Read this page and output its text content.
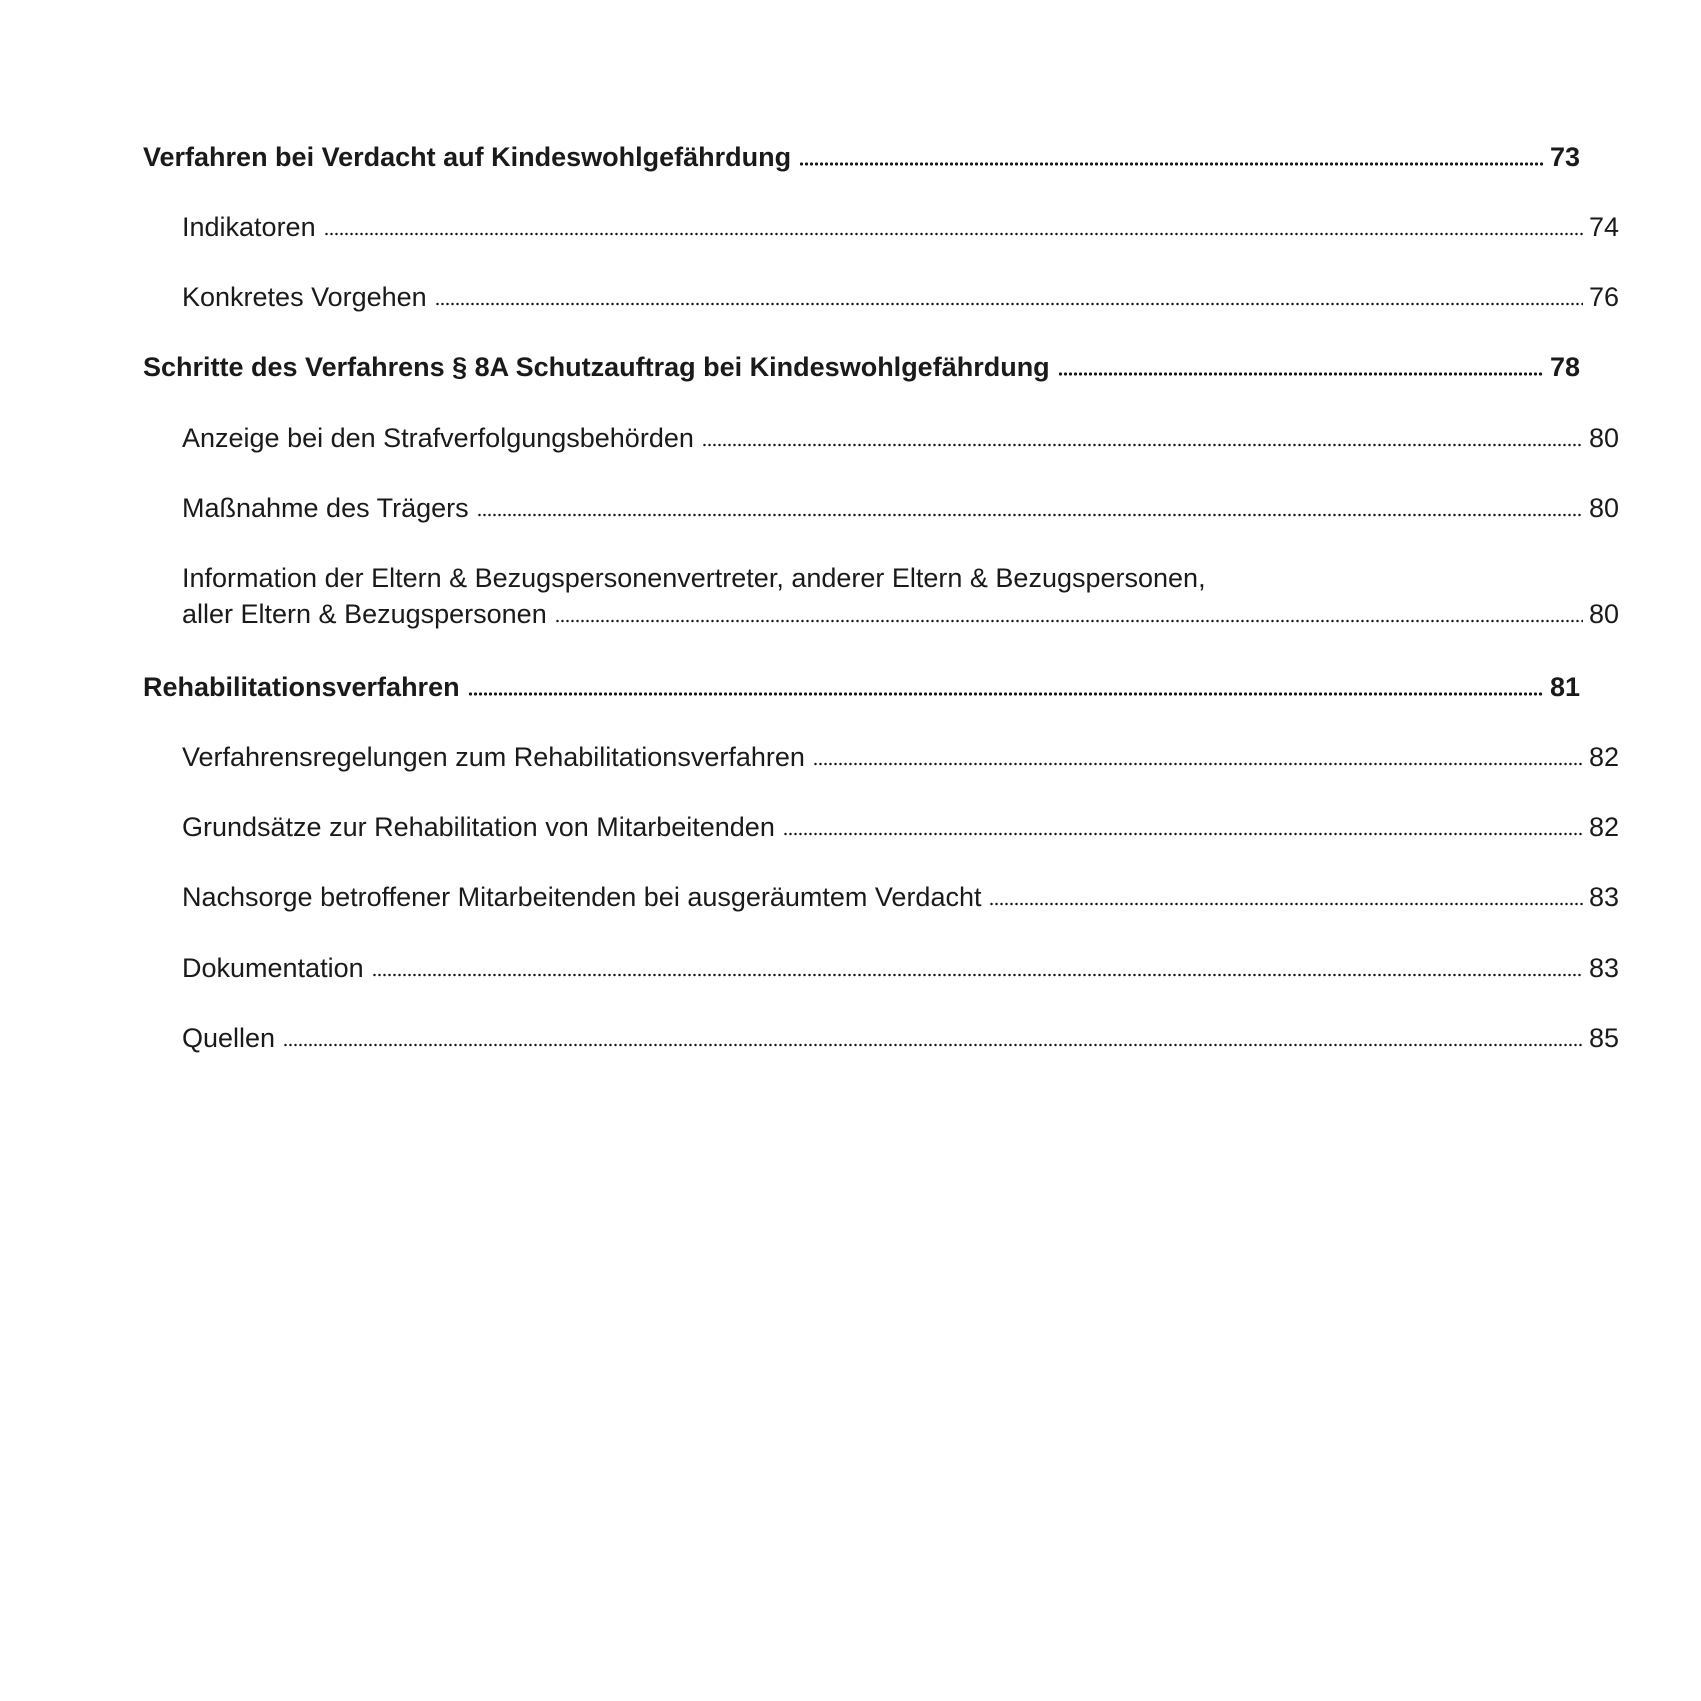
Verfahren bei Verdacht auf Kindeswohlgefährdung	73
Indikatoren	74
Konkretes Vorgehen	76
Schritte des Verfahrens § 8A Schutzauftrag bei Kindeswohlgefährdung	78
Anzeige bei den Strafverfolgungsbehörden	80
Maßnahme des Trägers	80
Information der Eltern & Bezugspersonenvertreter, anderer Eltern & Bezugspersonen,
aller Eltern & Bezugspersonen	80
Rehabilitationsverfahren	81
Verfahrensregelungen zum Rehabilitationsverfahren	82
Grundsätze zur Rehabilitation von Mitarbeitenden	82
Nachsorge betroffener Mitarbeitenden bei ausgeräumtem Verdacht	83
Dokumentation	83
Quellen	85
